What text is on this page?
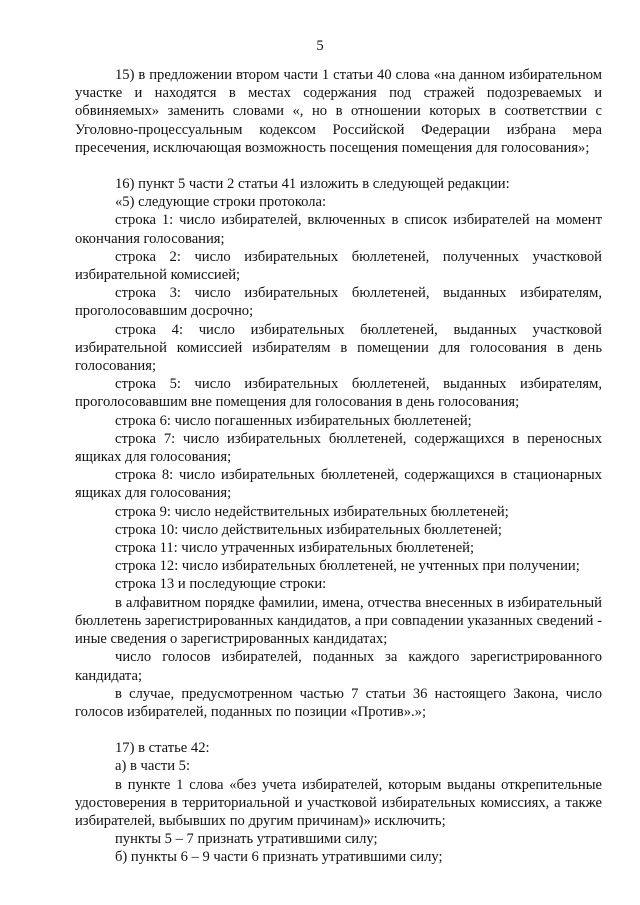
5
15) в предложении втором части 1 статьи 40 слова «на данном избирательном участке и находятся в местах содержания под стражей подозреваемых и обвиняемых» заменить словами «, но в отношении которых в соответствии с Уголовно-процессуальным кодексом Российской Федерации избрана мера пресечения, исключающая возможность посещения помещения для голосования»;
16) пункт 5 части 2 статьи 41 изложить в следующей редакции:
«5) следующие строки протокола:
строка 1: число избирателей, включенных в список избирателей на момент окончания голосования;
строка 2: число избирательных бюллетеней, полученных участковой избирательной комиссией;
строка 3: число избирательных бюллетеней, выданных избирателям, проголосовавшим досрочно;
строка 4: число избирательных бюллетеней, выданных участковой избирательной комиссией избирателям в помещении для голосования в день голосования;
строка 5: число избирательных бюллетеней, выданных избирателям, проголосовавшим вне помещения для голосования в день голосования;
строка 6: число погашенных избирательных бюллетеней;
строка 7: число избирательных бюллетеней, содержащихся в переносных ящиках для голосования;
строка 8: число избирательных бюллетеней, содержащихся в стационарных ящиках для голосования;
строка 9: число недействительных избирательных бюллетеней;
строка 10: число действительных избирательных бюллетеней;
строка 11: число утраченных избирательных бюллетеней;
строка 12: число избирательных бюллетеней, не учтенных при получении;
строка 13 и последующие строки:
в алфавитном порядке фамилии, имена, отчества внесенных в избирательный бюллетень зарегистрированных кандидатов, а при совпадении указанных сведений - иные сведения о зарегистрированных кандидатах;
число голосов избирателей, поданных за каждого зарегистрированного кандидата;
в случае, предусмотренном частью 7 статьи 36 настоящего Закона, число голосов избирателей, поданных по позиции «Против».»;
17) в статье 42:
а) в части 5:
в пункте 1 слова «без учета избирателей, которым выданы открепительные удостоверения в территориальной и участковой избирательных комиссиях, а также избирателей, выбывших по другим причинам)» исключить;
пункты 5 – 7 признать утратившими силу;
б) пункты 6 – 9 части 6 признать утратившими силу;
